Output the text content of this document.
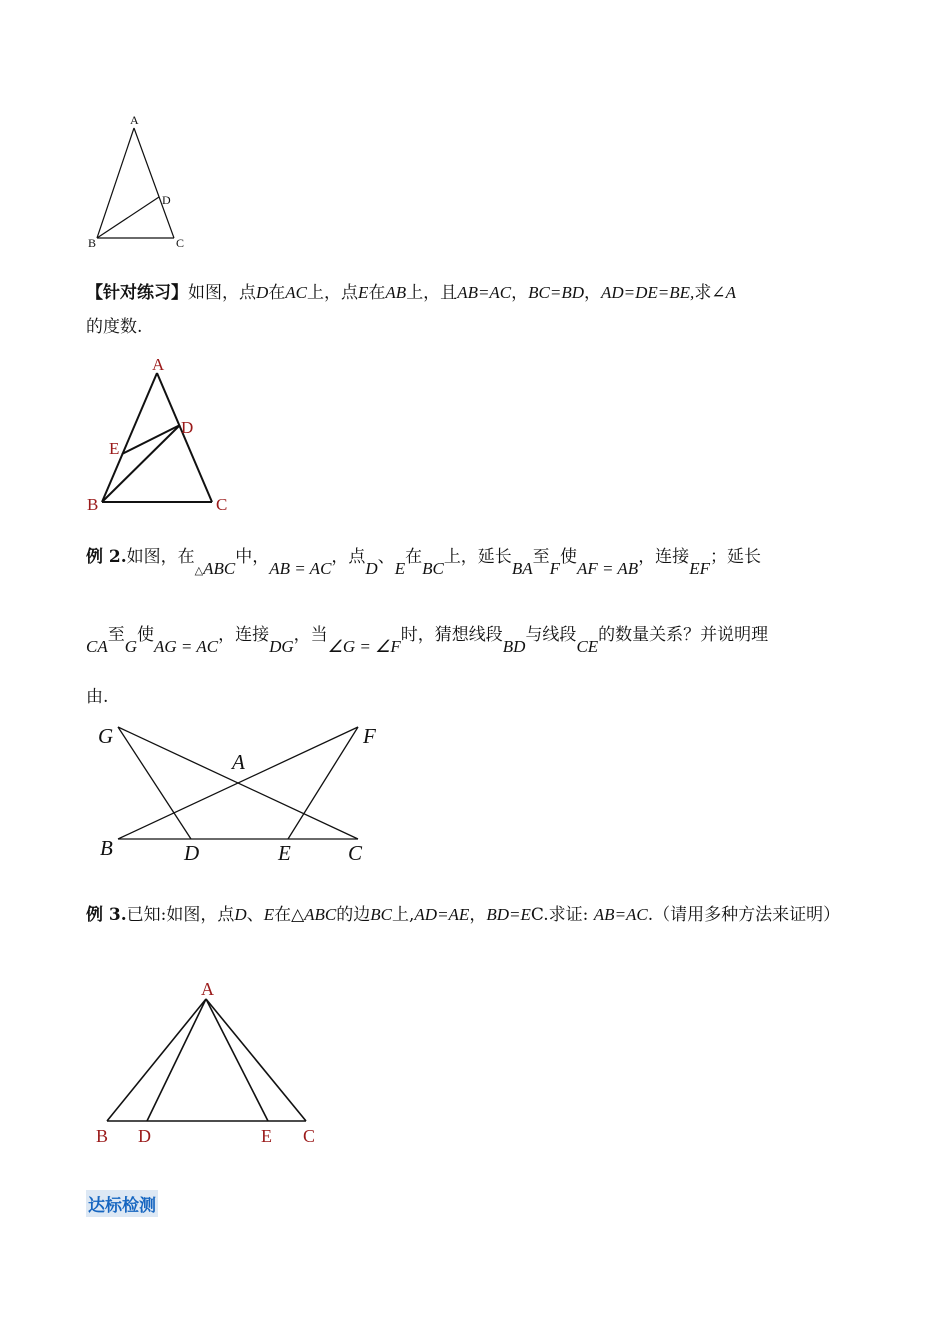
A
B	C
D
【针对练习】如图，点D在AC上，点E在AB上，且AB=AC，BC=BD，AD=DE=BE,求∠A
的度数.
A
B	C
D
E
例 2.如图，在△ABC中，AB = AC，点D、E在BC上，延长BA至F使AF = AB，连接EF；延长
CA至G使AG = AC，连接DG，当∠G = ∠F时，猜想线段BD与线段CE的数量关系？并说明理
由.
G	F
A
B	D	E	C
例 3.已知:如图，点D、E在△ABC的边BC上,AD=AE，BD=EC.求证: AB=AC.（请用多种方法来证明）
A
B D	E C
达标检测
